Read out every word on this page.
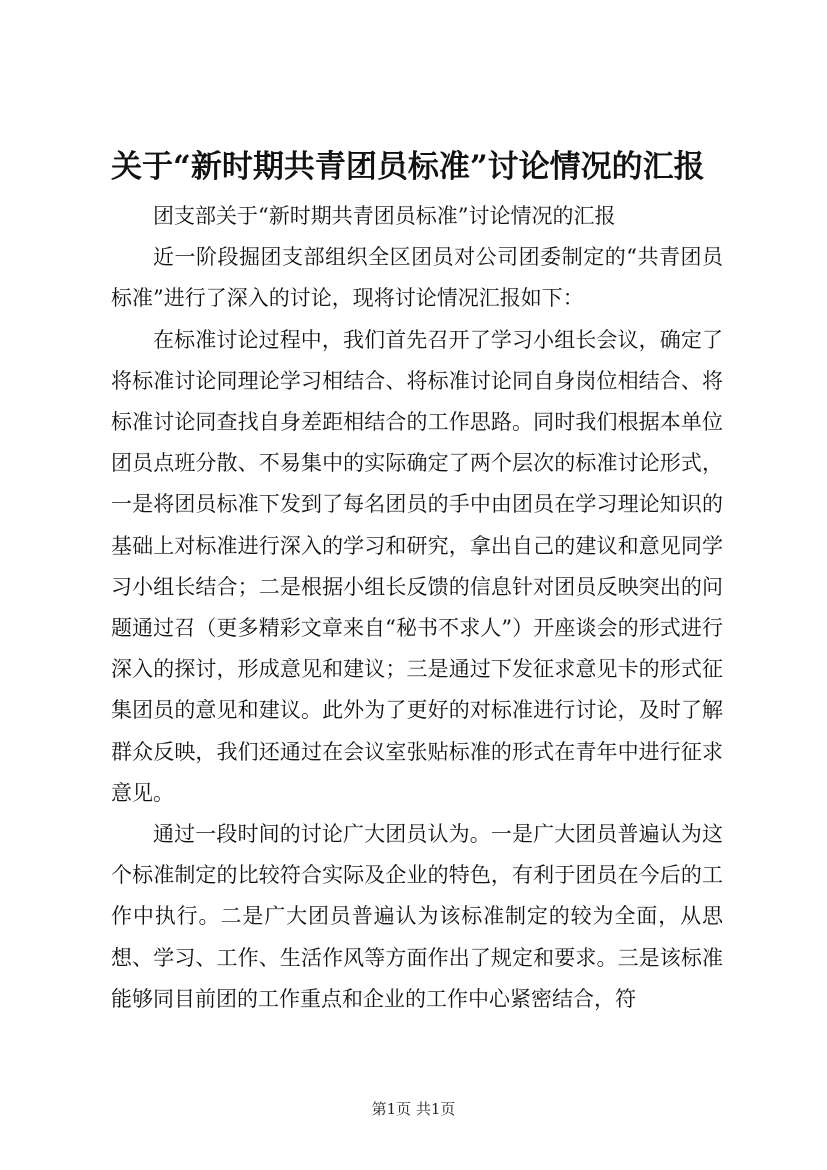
关于“新时期共青团员标准”讨论情况的汇报

团支部关于“新时期共青团员标准”讨论情况的汇报

近一阶段掘团支部组织全区团员对公司团委制定的“共青团员标准”进行了深入的讨论，现将讨论情况汇报如下：

在标准讨论过程中，我们首先召开了学习小组长会议，确定了将标准讨论同理论学习相结合、将标准讨论同自身岗位相结合、将标准讨论同查找自身差距相结合的工作思路。同时我们根据本单位团员点班分散、不易集中的实际确定了两个层次的标准讨论形式，一是将团员标准下发到了每名团员的手中由团员在学习理论知识的基础上对标准进行深入的学习和研究，拿出自己的建议和意见同学习小组长结合；二是根据小组长反馈的信息针对团员反映突出的问题通过召（更多精彩文章来自“秘书不求人”）开座谈会的形式进行深入的探讨，形成意见和建议；三是通过下发征求意见卡的形式征集团员的意见和建议。此外为了更好的对标准进行讨论，及时了解群众反映，我们还通过在会议室张贴标准的形式在青年中进行征求意见。

通过一段时间的讨论广大团员认为。一是广大团员普遍认为这个标准制定的比较符合实际及企业的特色，有利于团员在今后的工作中执行。二是广大团员普遍认为该标准制定的较为全面，从思想、学习、工作、生活作风等方面作出了规定和要求。三是该标准能够同目前团的工作重点和企业的工作中心紧密结合，符

第1页 共1页
